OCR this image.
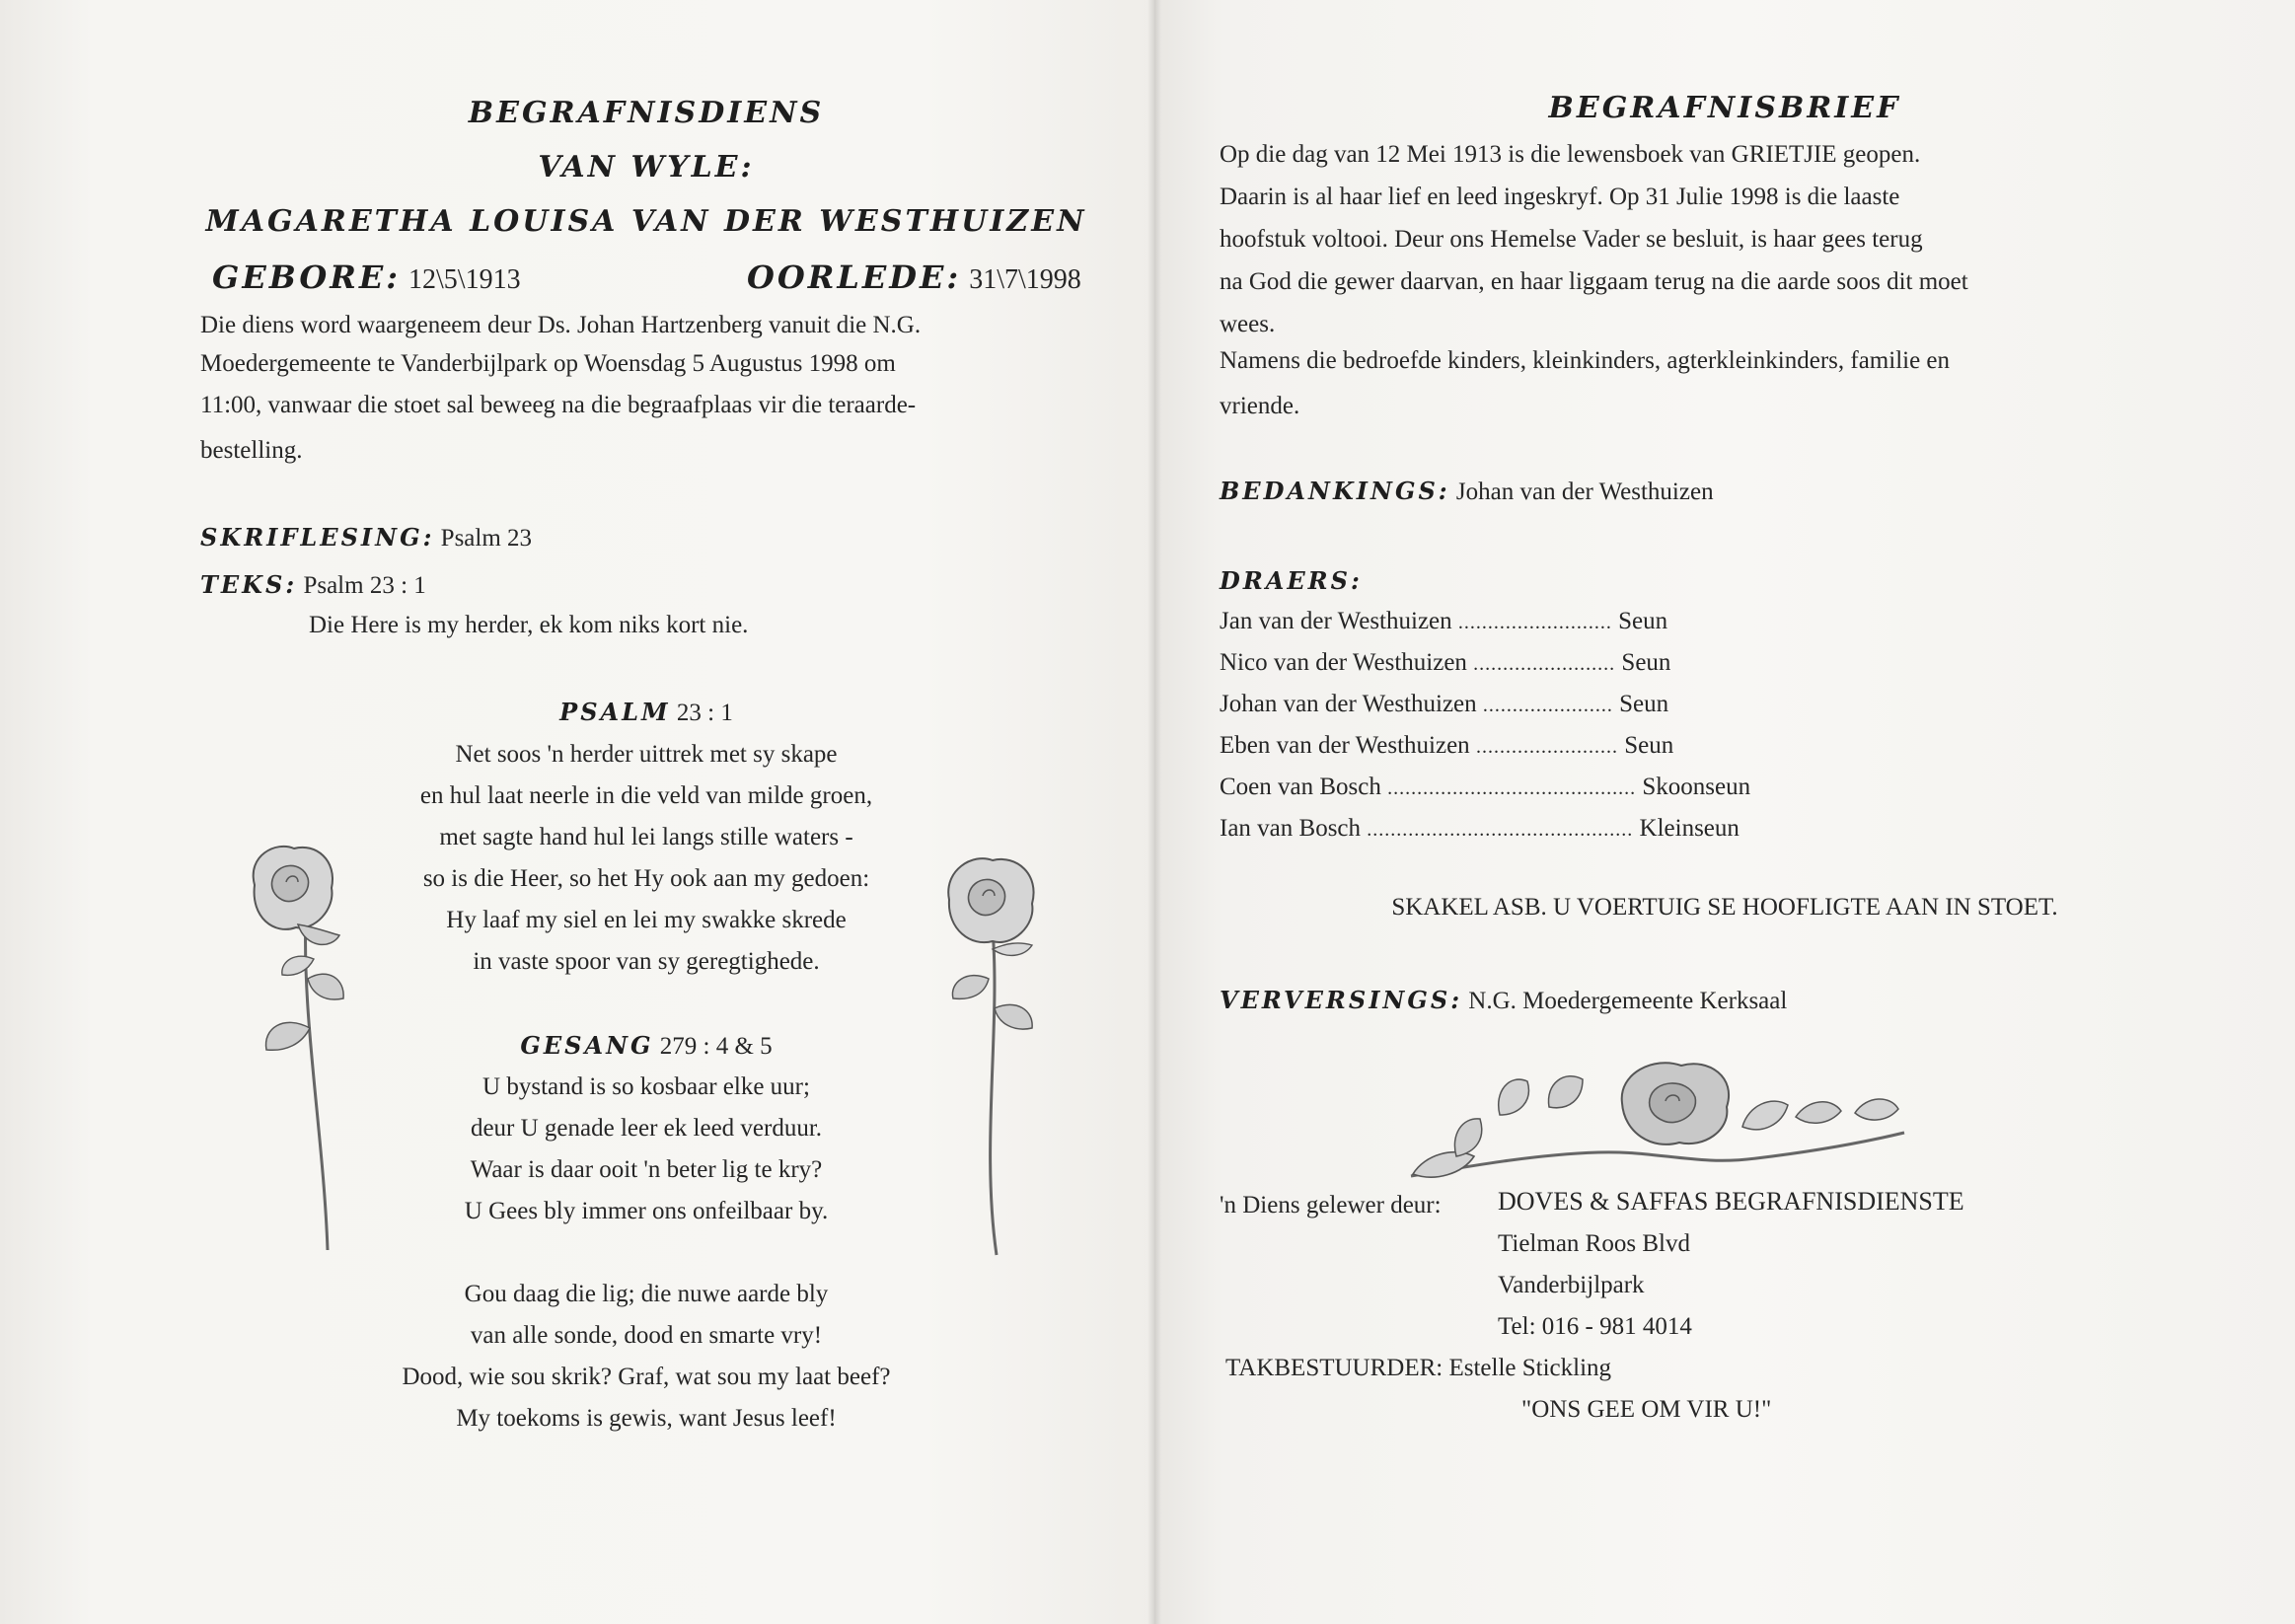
BEGRAFNISDIENS
VAN WYLE:
MAGARETHA LOUISA VAN DER WESTHUIZEN
GEBORE: 12\5\1913	OORLEDE: 31\7\1998
Die diens word waargeneem deur Ds. Johan Hartzenberg vanuit die N.G.
Moedergemeente te Vanderbijlpark op Woensdag 5 Augustus 1998 om
11:00, vanwaar die stoet sal beweeg na die begraafplaas vir die teraarde-
bestelling.
SKRIFLESING: Psalm 23
TEKS: Psalm 23 : 1
Die Here is my herder, ek kom niks kort nie.
PSALM 23 : 1
Net soos 'n herder uittrek met sy skape
en hul laat neerle in die veld van milde groen,
met sagte hand hul lei langs stille waters -
so is die Heer, so het Hy ook aan my gedoen:
Hy laaf my siel en lei my swakke skrede
in vaste spoor van sy geregtighede.
GESANG 279 : 4 & 5
U bystand is so kosbaar elke uur;
deur U genade leer ek leed verduur.
Waar is daar ooit 'n beter lig te kry?
U Gees bly immer ons onfeilbaar by.
Gou daag die lig; die nuwe aarde bly
van alle sonde, dood en smarte vry!
Dood, wie sou skrik? Graf, wat sou my laat beef?
My toekoms is gewis, want Jesus leef!
BEGRAFNISBRIEF
Op die dag van 12 Mei 1913 is die lewensboek van GRIETJIE geopen.
Daarin is al haar lief en leed ingeskryf. Op 31 Julie 1998 is die laaste
hoofstuk voltooi. Deur ons Hemelse Vader se besluit, is haar gees terug
na God die gewer daarvan, en haar liggaam terug na die aarde soos dit moet
wees.
Namens die bedroefde kinders, kleinkinders, agterkleinkinders, familie en
vriende.
BEDANKINGS: Johan van der Westhuizen
DRAERS:
Jan van der Westhuizen .......................... Seun
Nico van der Westhuizen ........................ Seun
Johan van der Westhuizen ...................... Seun
Eben van der Westhuizen ........................ Seun
Coen van Bosch .......................................... Skoonseun
Ian van Bosch ............................................. Kleinseun
SKAKEL ASB. U VOERTUIG SE HOOFLIGTE AAN IN STOET.
VERVERSINGS: N.G. Moedergemeente Kerksaal
'n Diens gelewer deur: DOVES & SAFFAS BEGRAFNISDIENSTE
Tielman Roos Blvd
Vanderbijlpark
Tel: 016 - 981 4014
TAKBESTUURDER: Estelle Stickling
"ONS GEE OM VIR U!"
